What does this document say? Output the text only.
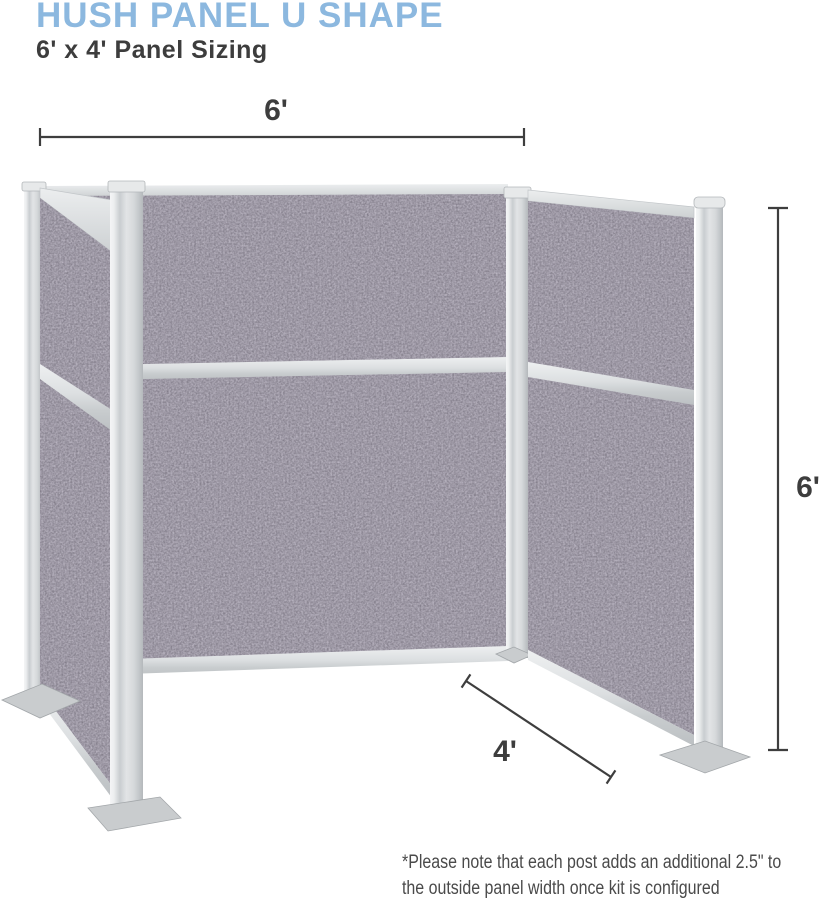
HUSH PANEL U SHAPE
6' x 4' Panel Sizing
6'
6'
4'
*Please note that each post adds an additional 2.5" to
the outside panel width once kit is configured
